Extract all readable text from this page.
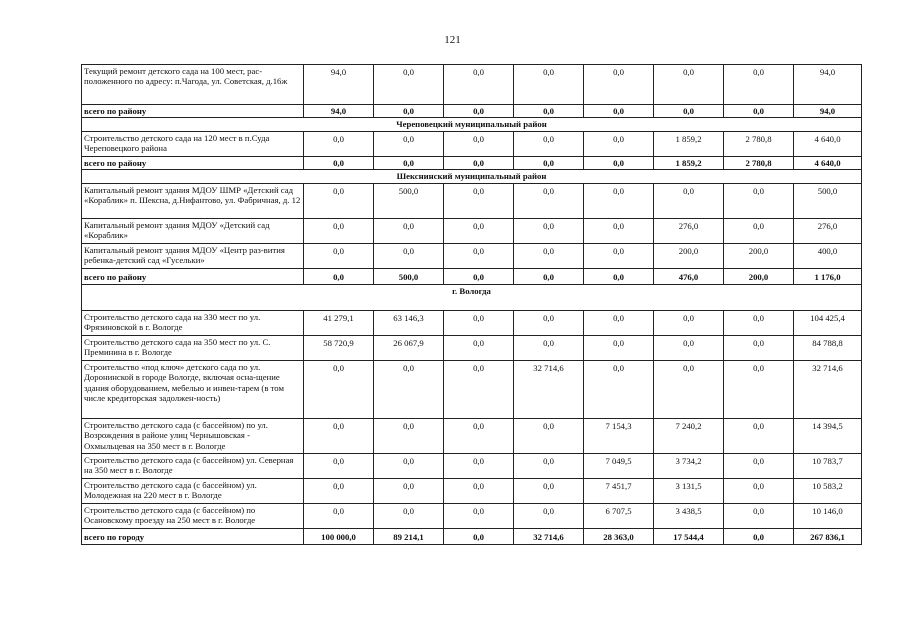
121
Текущий ремонт детского сада на 100 мест, рас-положенного по адресу: п.Чагода, ул. Советская, д.16ж	94,0	0,0	0,0	0,0	0,0	0,0	0,0	94,0
всего по району	94,0	0,0	0,0	0,0	0,0	0,0	0,0	94,0
Череповецкий муниципальный район								
Строительство детского сада на 120 мест в п.Суда Череповецкого района	0,0	0,0	0,0	0,0	0,0	1 859,2	2 780,8	4 640,0
всего по району	0,0	0,0	0,0	0,0	0,0	1 859,2	2 780,8	4 640,0
Шекснинский муниципальный район								
Капитальный ремонт здания МДОУ ШМР «Детский сад «Кораблик» п. Шексна, д.Нифантово, ул. Фабричная, д. 12	0,0	500,0	0,0	0,0	0,0	0,0	0,0	500,0
Капитальный ремонт здания МДОУ «Детский сад «Кораблик»	0,0	0,0	0,0	0,0	0,0	276,0	0,0	276,0
Капитальный ремонт здания МДОУ «Центр раз-вития ребенка-детский сад «Гусельки»	0,0	0,0	0,0	0,0	0,0	200,0	200,0	400,0
всего по району	0,0	500,0	0,0	0,0	0,0	476,0	200,0	1 176,0
г. Вологда								
Строительство детского сада на 330 мест по ул. Фрязиновской в г. Вологде	41 279,1	63 146,3	0,0	0,0	0,0	0,0	0,0	104 425,4
Строительство детского сада на 350 мест по ул. С. Преминина в г. Вологде	58 720,9	26 067,9	0,0	0,0	0,0	0,0	0,0	84 788,8
Строительство «под ключ» детского сада по ул. Доронинской в городе Вологде, включая осна-щение здания оборудованием, мебелью и инвен-тарем (в том числе кредиторская задолжен-ность)	0,0	0,0	0,0	32 714,6	0,0	0,0	0,0	32 714,6
Строительство детского сада (с бассейном) по ул. Возрождения в районе улиц Чернышовская - Охмыльцевая на 350 мест в г. Вологде	0,0	0,0	0,0	0,0	7 154,3	7 240,2	0,0	14 394,5
Строительство детского сада (с бассейном) ул. Северная на 350 мест в г. Вологде	0,0	0,0	0,0	0,0	7 049,5	3 734,2	0,0	10 783,7
Строительство детского сада (с бассейном) ул. Молодежная на 220 мест в г. Вологде	0,0	0,0	0,0	0,0	7 451,7	3 131,5	0,0	10 583,2
Строительство детского сада (с бассейном) по Осановскому проезду на 250 мест в г. Вологде	0,0	0,0	0,0	0,0	6 707,5	3 438,5	0,0	10 146,0
всего по городу	100 000,0	89 214,1	0,0	32 714,6	28 363,0	17 544,4	0,0	267 836,1
